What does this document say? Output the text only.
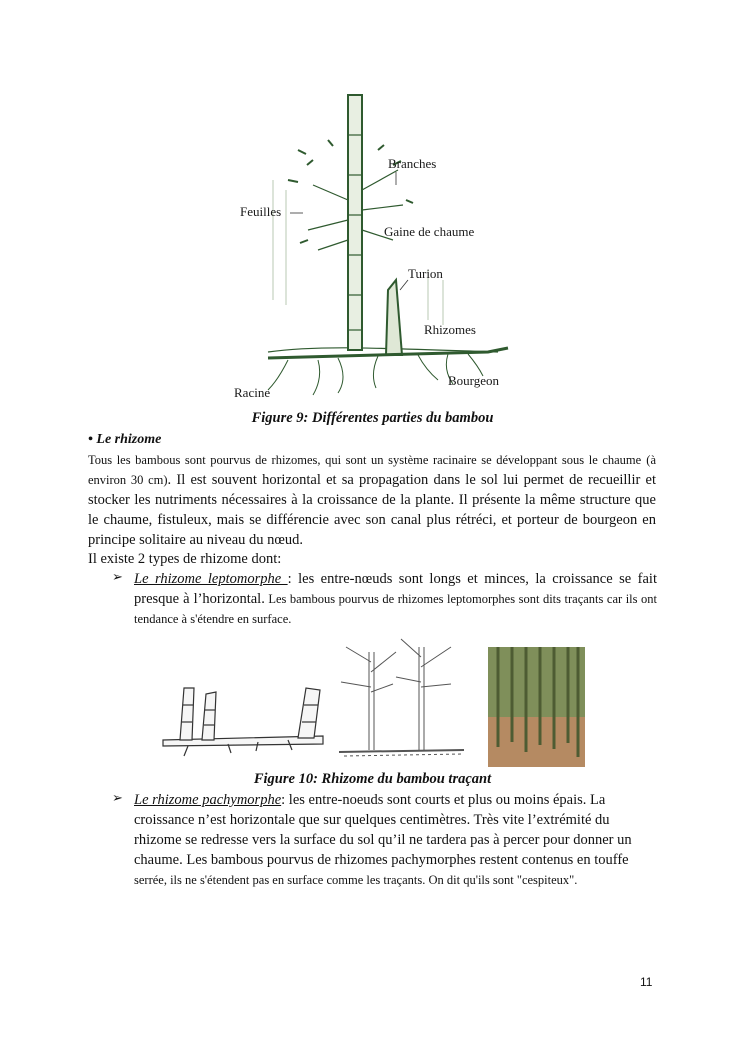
Branches
Feuilles
Gaine de chaume
Turion
Rhizomes
Bourgeon
Racine
Figure 9: Différentes parties du bambou
• Le rhizome
Tous les bambous sont pourvus de rhizomes, qui sont un système racinaire se développant sous le chaume (à environ 30 cm). Il est souvent horizontal et sa propagation dans le sol lui permet de recueillir et stocker les nutriments nécessaires à la croissance de la plante. Il présente la même structure que le chaume, fistuleux, mais se différencie avec son canal plus rétréci, et porteur de bourgeon en principe solitaire au niveau du nœud.
Il existe 2 types de rhizome dont:
➢ Le rhizome leptomorphe : les entre-nœuds sont longs et minces, la croissance se fait presque à l’horizontal. Les bambous pourvus de rhizomes leptomorphes sont dits traçants car ils ont tendance à s'étendre en surface.
Figure 10: Rhizome du bambou traçant
➢ Le rhizome pachymorphe: les entre-noeuds sont courts et plus ou moins épais. La croissance n’est horizontale que sur quelques centimètres. Très vite l’extrémité du rhizome se redresse vers la surface du sol qu’il ne tardera pas à percer pour donner un chaume. Les bambous pourvus de rhizomes pachymorphes restent contenus en touffe serrée, ils ne s'étendent pas en surface comme les traçants. On dit qu'ils sont "cespiteux".
11
